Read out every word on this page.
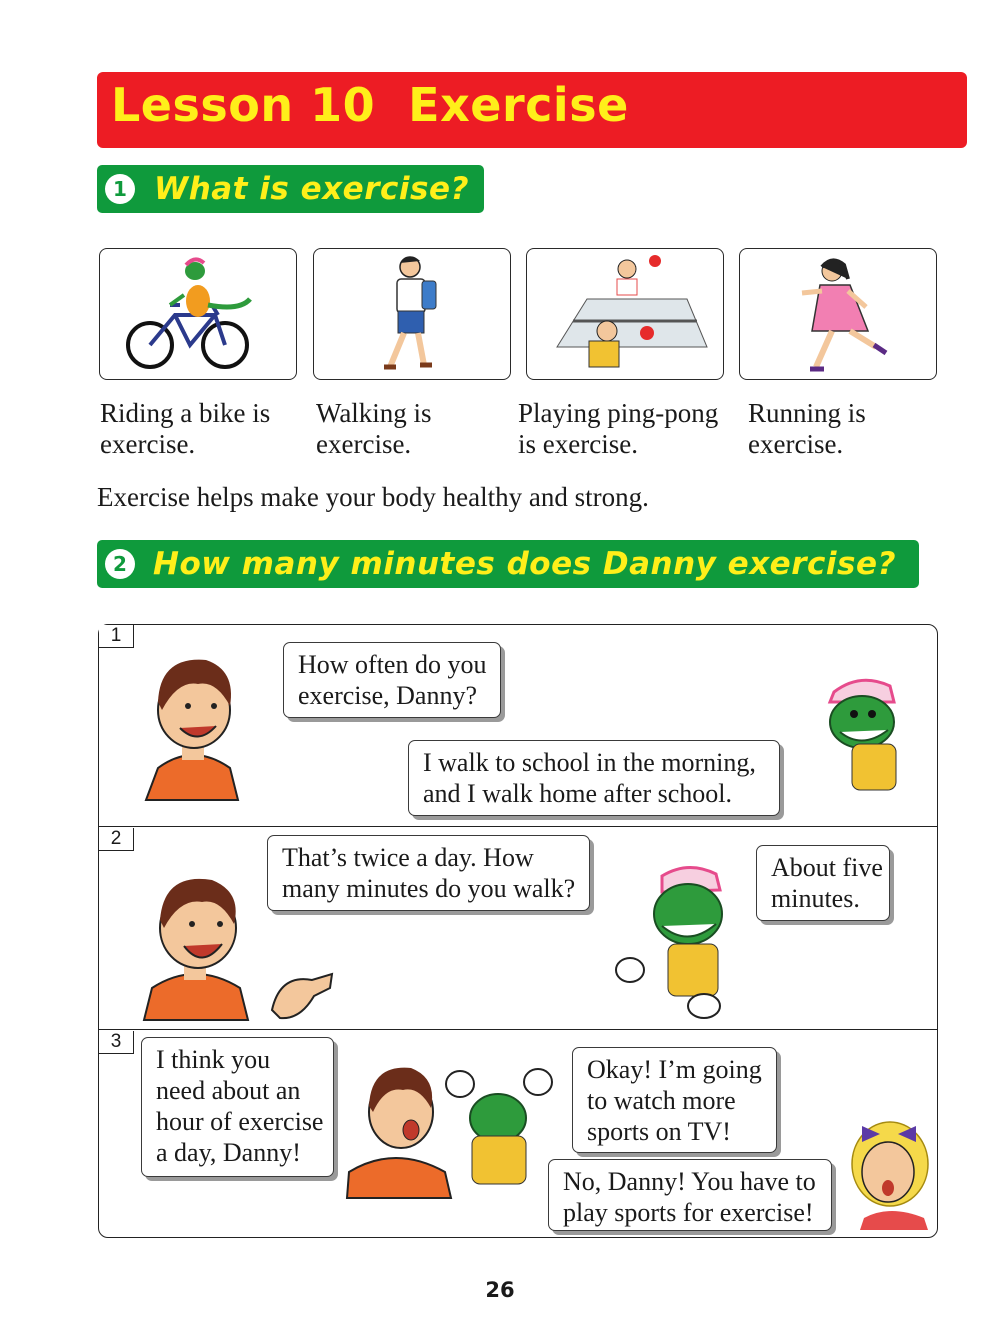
Lesson 10  Exercise
1 What is exercise?
Riding a bike is
exercise.
Walking is
exercise.
Playing ping-pong
is exercise.
Running is
exercise.
Exercise helps make your body healthy and strong.
2 How many minutes does Danny exercise?
1
2
3
How often do you
exercise, Danny?
I walk to school in the morning,
and I walk home after school.
That’s twice a day. How
many minutes do you walk?
About five
minutes.
I think you
need about an
hour of exercise
a day, Danny!
Okay! I’m going
to watch more
sports on TV!
No, Danny! You have to
play sports for exercise!
26
